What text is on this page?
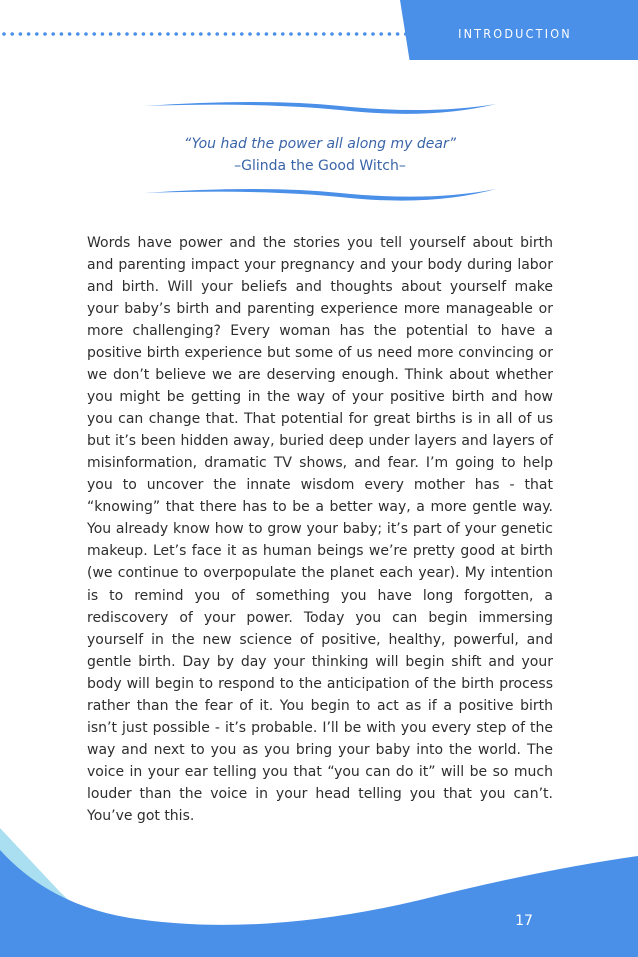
INTRODUCTION
“You had the power all along my dear”
–Glinda the Good Witch–

Words have power and the stories you tell yourself about birth and parenting impact your pregnancy and your body during labor and birth. Will your beliefs and thoughts about yourself make your baby’s birth and parenting experience more manageable or more challenging? Every woman has the potential to have a positive birth experience but some of us need more convincing or we don’t believe we are deserving enough. Think about whether you might be getting in the way of your positive birth and how you can change that. That potential for great births is in all of us but it’s been hidden away, buried deep under layers and layers of misinformation, dramatic TV shows, and fear. I’m going to help you to uncover the innate wisdom every mother has - that “knowing” that there has to be a better way, a more gentle way. You already know how to grow your baby; it’s part of your genetic makeup. Let’s face it as human beings we’re pretty good at birth (we continue to overpopulate the planet each year). My intention is to remind you of something you have long forgotten, a rediscovery of your power. Today you can begin immersing yourself in the new science of positive, healthy, powerful, and gentle birth. Day by day your thinking will begin shift and your body will begin to respond to the anticipation of the birth process rather than the fear of it. You begin to act as if a positive birth isn’t just possible - it’s probable. I’ll be with you every step of the way and next to you as you bring your baby into the world. The voice in your ear telling you that “you can do it” will be so much louder than the voice in your head telling you that you can’t. You’ve got this.

17
